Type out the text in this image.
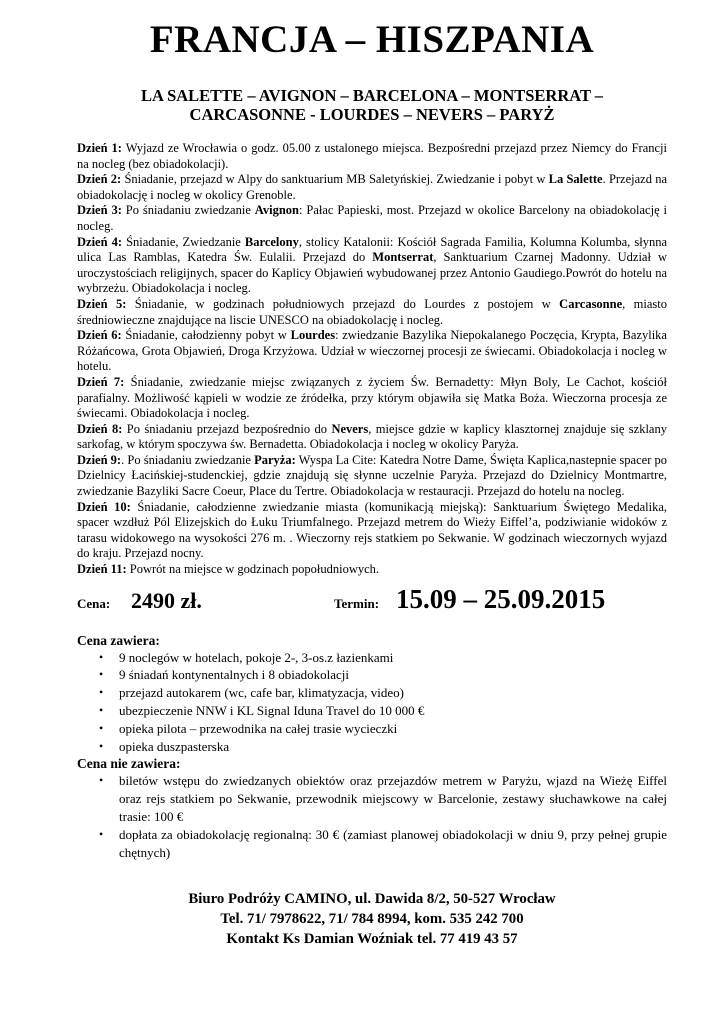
FRANCJA – HISZPANIA
LA SALETTE – AVIGNON – BARCELONA – MONTSERRAT –
CARCASONNE - LOURDES – NEVERS – PARYŻ

Dzień 1: Wyjazd ze Wrocławia o godz. 05.00 z ustalonego miejsca. Bezpośredni przejazd przez Niemcy do Francji na nocleg (bez obiadokolacji).

Dzień 2: Śniadanie, przejazd w Alpy do sanktuarium MB Saletyńskiej. Zwiedzanie i pobyt w La Salette. Przejazd na obiadokolację i nocleg w okolicy Grenoble.

Dzień 3: Po śniadaniu zwiedzanie Avignon: Pałac Papieski, most. Przejazd w okolice Barcelony na obiadokolację i nocleg.

Dzień 4: Śniadanie, Zwiedzanie Barcelony, stolicy Katalonii: Kościół Sagrada Familia, Kolumna Kolumba, słynna ulica Las Ramblas, Katedra Św. Eulalii. Przejazd do Montserrat, Sanktuarium Czarnej Madonny. Udział w uroczystościach religijnych, spacer do Kaplicy Objawień wybudowanej przez Antonio Gaudiego.Powrót do hotelu na wybrzeżu. Obiadokolacja i nocleg.

Dzień 5: Śniadanie, w godzinach południowych przejazd do Lourdes z postojem w Carcasonne, miasto średniowieczne znajdujące na liscie UNESCO na obiadokolację i nocleg.

Dzień 6: Śniadanie, całodzienny pobyt w Lourdes: zwiedzanie Bazylika Niepokalanego Poczęcia, Krypta, Bazylika Różańcowa, Grota Objawień, Droga Krzyżowa. Udział w wieczornej procesji ze świecami. Obiadokolacja i nocleg w hotelu.

Dzień 7: Śniadanie, zwiedzanie miejsc związanych z życiem Św. Bernadetty: Młyn Boly, Le Cachot, kościół parafialny. Możliwość kąpieli w wodzie ze źródełka, przy którym objawiła się Matka Boża. Wieczorna procesja ze świecami. Obiadokolacja i nocleg.

Dzień 8: Po śniadaniu przejazd bezpośrednio do Nevers, miejsce gdzie w kaplicy klasztornej znajduje się szklany sarkofag, w którym spoczywa św. Bernadetta. Obiadokolacja i nocleg w okolicy Paryża.

Dzień 9:. Po śniadaniu zwiedzanie Paryża: Wyspa La Cite: Katedra Notre Dame, Święta Kaplica,nastepnie spacer po Dzielnicy Łacińskiej-studenckiej, gdzie znajdują się słynne uczelnie Paryża. Przejazd do Dzielnicy Montmartre, zwiedzanie Bazyliki Sacre Coeur, Place du Tertre. Obiadokolacja w restauracji. Przejazd do hotelu na nocleg.

Dzień 10: Śniadanie, całodzienne zwiedzanie miasta (komunikacją miejską): Sanktuarium Świętego Medalika, spacer wzdłuż Pól Elizejskich do Łuku Triumfalnego. Przejazd metrem do Wieży Eiffel’a, podziwianie widoków z tarasu widokowego na wysokości 276 m. . Wieczorny rejs statkiem po Sekwanie. W godzinach wieczornych wyjazd do kraju. Przejazd nocny.

Dzień 11: Powrót na miejsce w godzinach popołudniowych.

Cena: 2490 zł.	Termin: 15.09 – 25.09.2015

Cena zawiera:

• 9 noclegów w hotelach, pokoje 2-, 3-os.z łazienkami
• 9 śniadań kontynentalnych i 8 obiadokolacji
• przejazd autokarem (wc, cafe bar, klimatyzacja, video)
• ubezpieczenie NNW i KL Signal Iduna Travel do 10 000 €
• opieka pilota – przewodnika na całej trasie wycieczki
• opieka duszpasterska

Cena nie zawiera:

• biletów wstępu do zwiedzanych obiektów oraz przejazdów metrem w Paryżu, wjazd na Wieżę Eiffel oraz rejs statkiem po Sekwanie, przewodnik miejscowy w Barcelonie, zestawy słuchawkowe na całej trasie: 100 €
• dopłata za obiadokolację regionalną: 30 € (zamiast planowej obiadokolacji w dniu 9, przy pełnej grupie chętnych)
Biuro Podróży CAMINO, ul. Dawida 8/2, 50-527 Wrocław
Tel. 71/ 7978622, 71/ 784 8994, kom. 535 242 700
Kontakt Ks Damian Woźniak tel. 77 419 43 57
